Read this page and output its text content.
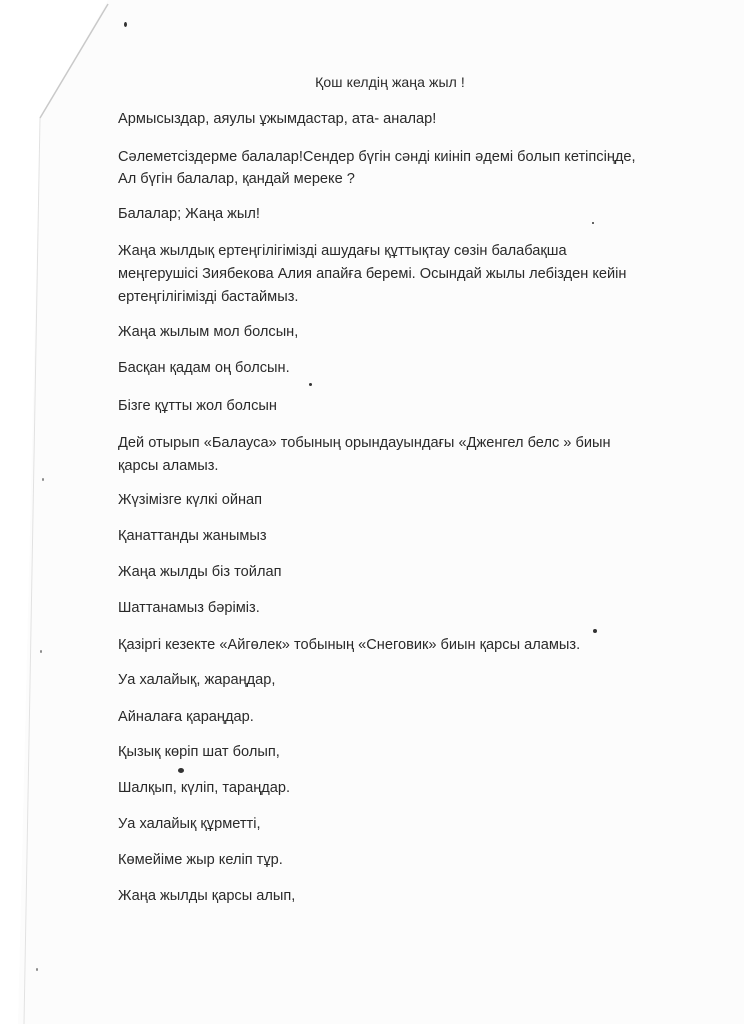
Қош келдің жаңа жыл !
Армысыздар, аяулы ұжымдастар, ата- аналар!
Сәлеметсіздерме балалар!Сендер бүгін сәнді киініп әдемі болып кетіпсіңде,
Ал бүгін балалар, қандай мереке ?
Балалар; Жаңа жыл!
Жаңа жылдық ертеңгілігімізді ашудағы құттықтау сөзін балабақша
меңгерушісі Зиябекова Алия апайға беремі. Осындай жылы лебізден кейін
ертеңгілігімізді бастаймыз.
Жаңа жылым мол болсын,
Басқан қадам оң болсын.
Бізге құтты жол болсын
Дей отырып «Балауса» тобының орындауындағы «Дженгел белс » биын
қарсы аламыз.
Жүзімізге күлкі ойнап
Қанаттанды жанымыз
Жаңа жылды біз тойлап
Шаттанамыз бәріміз.
Қазіргі кезекте «Айгөлек» тобының «Снеговик» биын қарсы аламыз.
Уа халайық, жараңдар,
Айналаға қараңдар.
Қызық көріп шат болып,
Шалқып, күліп, тараңдар.
Уа халайық құрметті,
Көмейіме жыр келіп тұр.
Жаңа жылды қарсы алып,
